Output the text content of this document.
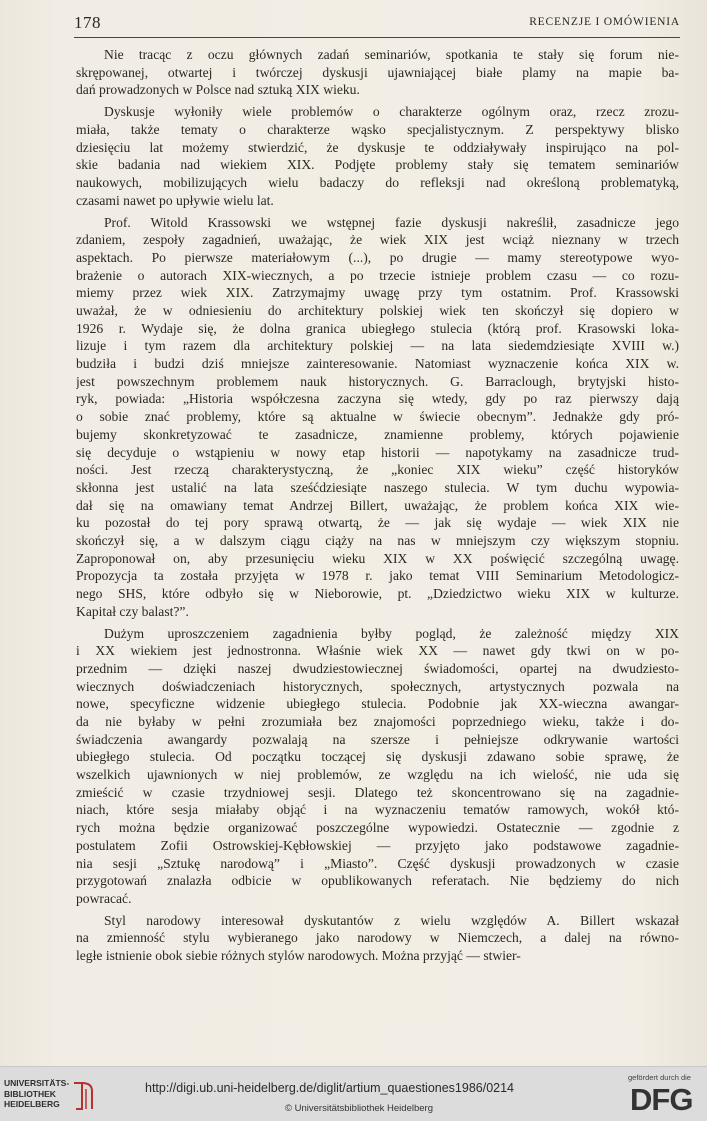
178	RECENZJE I OMÓWIENIA
Nie tracąc z oczu głównych zadań seminariów, spotkania te stały się forum nie-
skrępowanej, otwartej i twórczej dyskusji ujawniającej białe plamy na mapie ba-
dań prowadzonych w Polsce nad sztuką XIX wieku.
Dyskusje wyłoniły wiele problemów o charakterze ogólnym oraz, rzecz zrozu-
miała, także tematy o charakterze wąsko specjalistycznym. Z perspektywy blisko
dziesięciu lat możemy stwierdzić, że dyskusje te oddziaływały inspirująco na pol-
skie badania nad wiekiem XIX. Podjęte problemy stały się tematem seminariów
naukowych, mobilizujących wielu badaczy do refleksji nad określoną problematyką,
czasami nawet po upływie wielu lat.
Prof. Witold Krassowski we wstępnej fazie dyskusji nakreślił, zasadnicze jego
zdaniem, zespoły zagadnień, uważając, że wiek XIX jest wciąż nieznany w trzech
aspektach. Po pierwsze materiałowym (...), po drugie — mamy stereotypowe wyo-
brażenie o autorach XIX-wiecznych, a po trzecie istnieje problem czasu — co rozu-
miemy przez wiek XIX. Zatrzymajmy uwagę przy tym ostatnim. Prof. Krassowski
uważał, że w odniesieniu do architektury polskiej wiek ten skończył się dopiero w
1926 r. Wydaje się, że dolna granica ubiegłego stulecia (którą prof. Krasowski loka-
lizuje i tym razem dla architektury polskiej — na lata siedemdziesiąte XVIII w.)
budziła i budzi dziś mniejsze zainteresowanie. Natomiast wyznaczenie końca XIX w.
jest powszechnym problemem nauk historycznych. G. Barraclough, brytyjski histo-
ryk, powiada: „Historia współczesna zaczyna się wtedy, gdy po raz pierwszy dają
o sobie znać problemy, które są aktualne w świecie obecnym”. Jednakże gdy pró-
bujemy skonkretyzować te zasadnicze, znamienne problemy, których pojawienie
się decyduje o wstąpieniu w nowy etap historii — napotykamy na zasadnicze trud-
ności. Jest rzeczą charakterystyczną, że „koniec XIX wieku” część historyków
skłonna jest ustalić na lata sześćdziesiąte naszego stulecia. W tym duchu wypowia-
dał się na omawiany temat Andrzej Billert, uważając, że problem końca XIX wie-
ku pozostał do tej pory sprawą otwartą, że — jak się wydaje — wiek XIX nie
skończył się, a w dalszym ciągu ciąży na nas w mniejszym czy większym stopniu.
Zaproponował on, aby przesunięciu wieku XIX w XX poświęcić szczególną uwagę.
Propozycja ta została przyjęta w 1978 r. jako temat VIII Seminarium Metodologicz-
nego SHS, które odbyło się w Nieborowie, pt. „Dziedzictwo wieku XIX w kulturze.
Kapitał czy balast?”.
Dużym uproszczeniem zagadnienia byłby pogląd, że zależność między XIX
i XX wiekiem jest jednostronna. Właśnie wiek XX — nawet gdy tkwi on w po-
przednim — dzięki naszej dwudziestowiecznej świadomości, opartej na dwudziesto-
wiecznych doświadczeniach historycznych, społecznych, artystycznych pozwala na
nowe, specyficzne widzenie ubiegłego stulecia. Podobnie jak XX-wieczna awangar-
da nie byłaby w pełni zrozumiała bez znajomości poprzedniego wieku, także i do-
świadczenia awangardy pozwalają na szersze i pełniejsze odkrywanie wartości
ubiegłego stulecia. Od początku toczącej się dyskusji zdawano sobie sprawę, że
wszelkich ujawnionych w niej problemów, ze względu na ich wielość, nie uda się
zmieścić w czasie trzydniowej sesji. Dlatego też skoncentrowano się na zagadnie-
niach, które sesja miałaby objąć i na wyznaczeniu tematów ramowych, wokół któ-
rych można będzie organizować poszczególne wypowiedzi. Ostatecznie — zgodnie z
postulatem Zofii Ostrowskiej-Kębłowskiej — przyjęto jako podstawowe zagadnie-
nia sesji „Sztukę narodową” i „Miasto”. Część dyskusji prowadzonych w czasie
przygotowań znalazła odbicie w opublikowanych referatach. Nie będziemy do nich
powracać.
Styl narodowy interesował dyskutantów z wielu względów A. Billert wskazał
na zmienność stylu wybieranego jako narodowy w Niemczech, a dalej na równo-
ległe istnienie obok siebie różnych stylów narodowych. Można przyjąć — stwier-
UNIVERSITÄTS-
BIBLIOTHEK
HEIDELBERG
http://digi.ub.uni-heidelberg.de/diglit/artium_quaestiones1986/0214
© Universitätsbibliothek Heidelberg
gefördert durch die
DFG
